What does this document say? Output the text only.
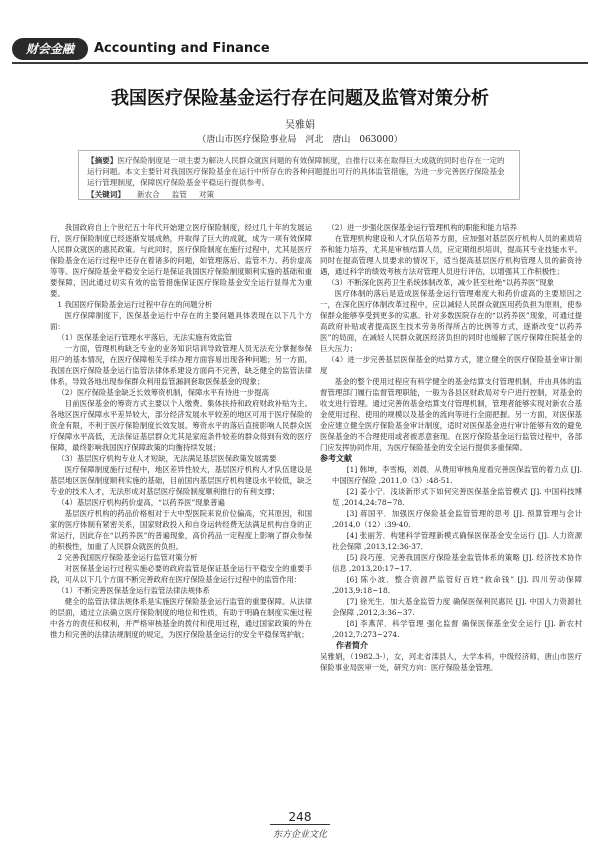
财会金融	Accounting and Finance
我国医疗保险基金运行存在问题及监管对策分析
吴雅娟
（唐山市医疗保险事业局　河北　唐山　063000）
【摘要】医疗保险制度是一项主要为解决人民群众就医问题的有效保障制度，自推行以来在取得巨大成就的同时也存在一定的运行问题。本文主要针对我国医疗保险基金在运行中所存在的各种问题提出可行的具体监管措施，为进一步完善医疗保险基金运行管理制度，保障医疗保险基金平稳运行提供参考。
【关键词】 新农合 监管 对策

我国政府自上个世纪五十年代开始建立医疗保险制度，经过几十年的发展运行，医疗保险制度已经逐渐发展成熟，并取得了巨大的成就，成为一项有效保障人民群众就医的惠民政策。与此同时，医疗保险制度在施行过程中，尤其是医疗保险基金在运行过程中还存在着诸多的问题，如管理落后、监管不力、药价虚高等等。医疗保险基金平稳安全运行是保证我国医疗保险制度顺利实施的基础和重要保障，因此通过切实有效的监管措施保证医疗保险基金安全运行显得尤为重要。

1 我国医疗保险基金运行过程中存在的问题分析

医疗保障制度下，医保基金运行中存在的主要问题具体表现在以下几个方面：

（1）医保基金运行管理水平落后，无法实施有效监管

一方面，管理机构缺乏专业的业务知识培训导致管理人员无法充分掌握参保用户的基本情况，在医疗保障相关手续办理方面容易出现各种问题；另一方面，我国在医疗保险基金运行监管法律体系建设方面尚不完善，缺乏健全的监管法律体系，导致各地出现参保群众利用监管漏洞套取医保基金的现象；

（2）医疗保险基金缺乏长效筹资机制，保障水平有待进一步提高

目前医保基金的筹资方式主要以个人缴费、集体扶持和政府财政补贴为主。各地区医疗保障水平差异较大，部分经济发展水平较差的地区可用于医疗保险的资金有限，不利于医疗保险制度长效发展。筹资水平的落后直接影响人民群众医疗保障水平高低，无法保证基层群众尤其是家庭条件较差的群众得到有效的医疗保障，最终影响我国医疗保障政策的均衡持续发展；

（3）基层医疗机构专业人才短缺，无法满足基层医保政策发展需要

医疗保障制度施行过程中，地区差异性较大，基层医疗机构人才队伍建设是基层地区医保制度顺利实施的基础，目前国内基层医疗机构建设水平较低，缺乏专业的技术人才，无法形成对基层医疗保险制度顺利推行的有利支撑；

（4）基层医疗机构药价虚高，“以药养医”现象普遍

基层医疗机构的药品价格相对于大中型医院来说价位偏高，究其原因，和国家的医疗体制有紧密关系，国家财政投入和自身运转经费无法满足机构自身的正常运行，因此存在“以药养医”的普遍现象，高价药品一定程度上影响了群众参保的积极性，加重了人民群众就医的负担。

2 完善我国医疗保险基金运行监管对策分析

对医保基金运行过程实施必要的政府监管是保证基金运行平稳安全的重要手段，可从以下几个方面不断完善政府在医疗保险基金运行过程中的监管作用：

（1）不断完善医保基金运行监管法律法规体系

健全的监管法律法规体系是实施医疗保险基金运行监管的重要保障。从法律的层面，通过立法确立医疗保险制度的地位和性质，有助于明确在制度实施过程中各方的责任和权利，并严格审核基金的拨付和使用过程，通过国家政策的外在推力和完善的法律法规制度的规定，为医疗保险基金运行的安全平稳保驾护航；

（2）进一步强化医保基金运行管理机构的职能和能力培养

在管理机构建设和人才队伍培养方面，应加强对基层医疗机构人员的素质培养和能力培养，尤其是审核结算人员，应定期组织培训，提高其专业技能水平。同时在提高管理人员要求的情况下，适当提高基层医疗机构管理人员的薪资待遇，通过科学的绩效考核方法对管理人员进行评估，以增强其工作积极性；

（3）不断深化医药卫生系统体制改革，减少甚至杜绝“以药养医”现象

医疗体制的落后是造成医保基金运行管理难度大和药价虚高的主要原因之一，在深化医疗体制改革过程中，应以减轻人民群众就医用药负担为原则，使参保群众能够享受到更多的实惠。针对多数医院存在的“以药养医”现象，可通过提高政府补贴或者提高医生技术劳务所得所占的比例等方式，逐渐改变“以药养医”的局面，在减轻人民群众就医经济负担的同时也缓解了医疗保障住院基金的巨大压力；

（4）进一步完善基层医保基金的结算方式，建立健全的医疗保险基金审计制度

基金的整个使用过程应有科学健全的基金结算支付管理机制，并由具体的监督管理部门履行监督管理职能，一般为各县区财政局对专户进行控制，对基金的收支进行管理。通过完善的基金结算支付管理机制，管理者能够实现对新农合基金使用过程、使用的规模以及基金的流向等进行全面把握。另一方面，对医保基金应建立健全医疗保险基金审计制度，适时对医保基金进行审计能够有效的避免医保基金的不合理使用或者被恶意套现。在医疗保险基金运行监管过程中，各部门应发挥协同作用，为医疗保险基金的安全运行提供多重保障。

参考文献

[1] 韩坤，李雪梅，刘晨．从费用审核角度看完善医保监管的着力点 [J]. 中国医疗保险 ,2011,0（3）:48-51.

[2] 姜小宁．浅谈新形式下如何完善医保基金监管模式 [J]. 中国科技博览 ,2014,24:78~78.

[3] 蒋国平．加强医疗保险基金监管管理的思考 [J]. 预算管理与会计 ,2014,0（12）:39-40.

[4] 张丽芳．构建科学管理新模式确保医保基金安全运行 [J]. 人力资源社会保障 ,2013,12:36-37.

[5] 段巧莲．完善我国医疗保险基金监管体系的策略 [J]. 经济技术协作信息 ,2013,20:17~17.

[6] 陈小波．整合资源严监管好百姓“救命钱” [J]. 四川劳动保障 ,2013,9:18~18.

[7] 徐光生．加大基金监管力度 确保医保利民惠民 [J]. 中国人力资源社会保障 ,2012,3:36~37.

[8] 李燕萍．科学管理 强化监督 确保医保基金安全运行 [J]. 新农村 ,2012,7:273~274.

作者简介

吴雅娟，（1982.3-），女，河北省滦县人，大学本科，中级经济师，唐山市医疗保险事业局医审一处，研究方向：医疗保险基金管理。

248
东方企业文化
